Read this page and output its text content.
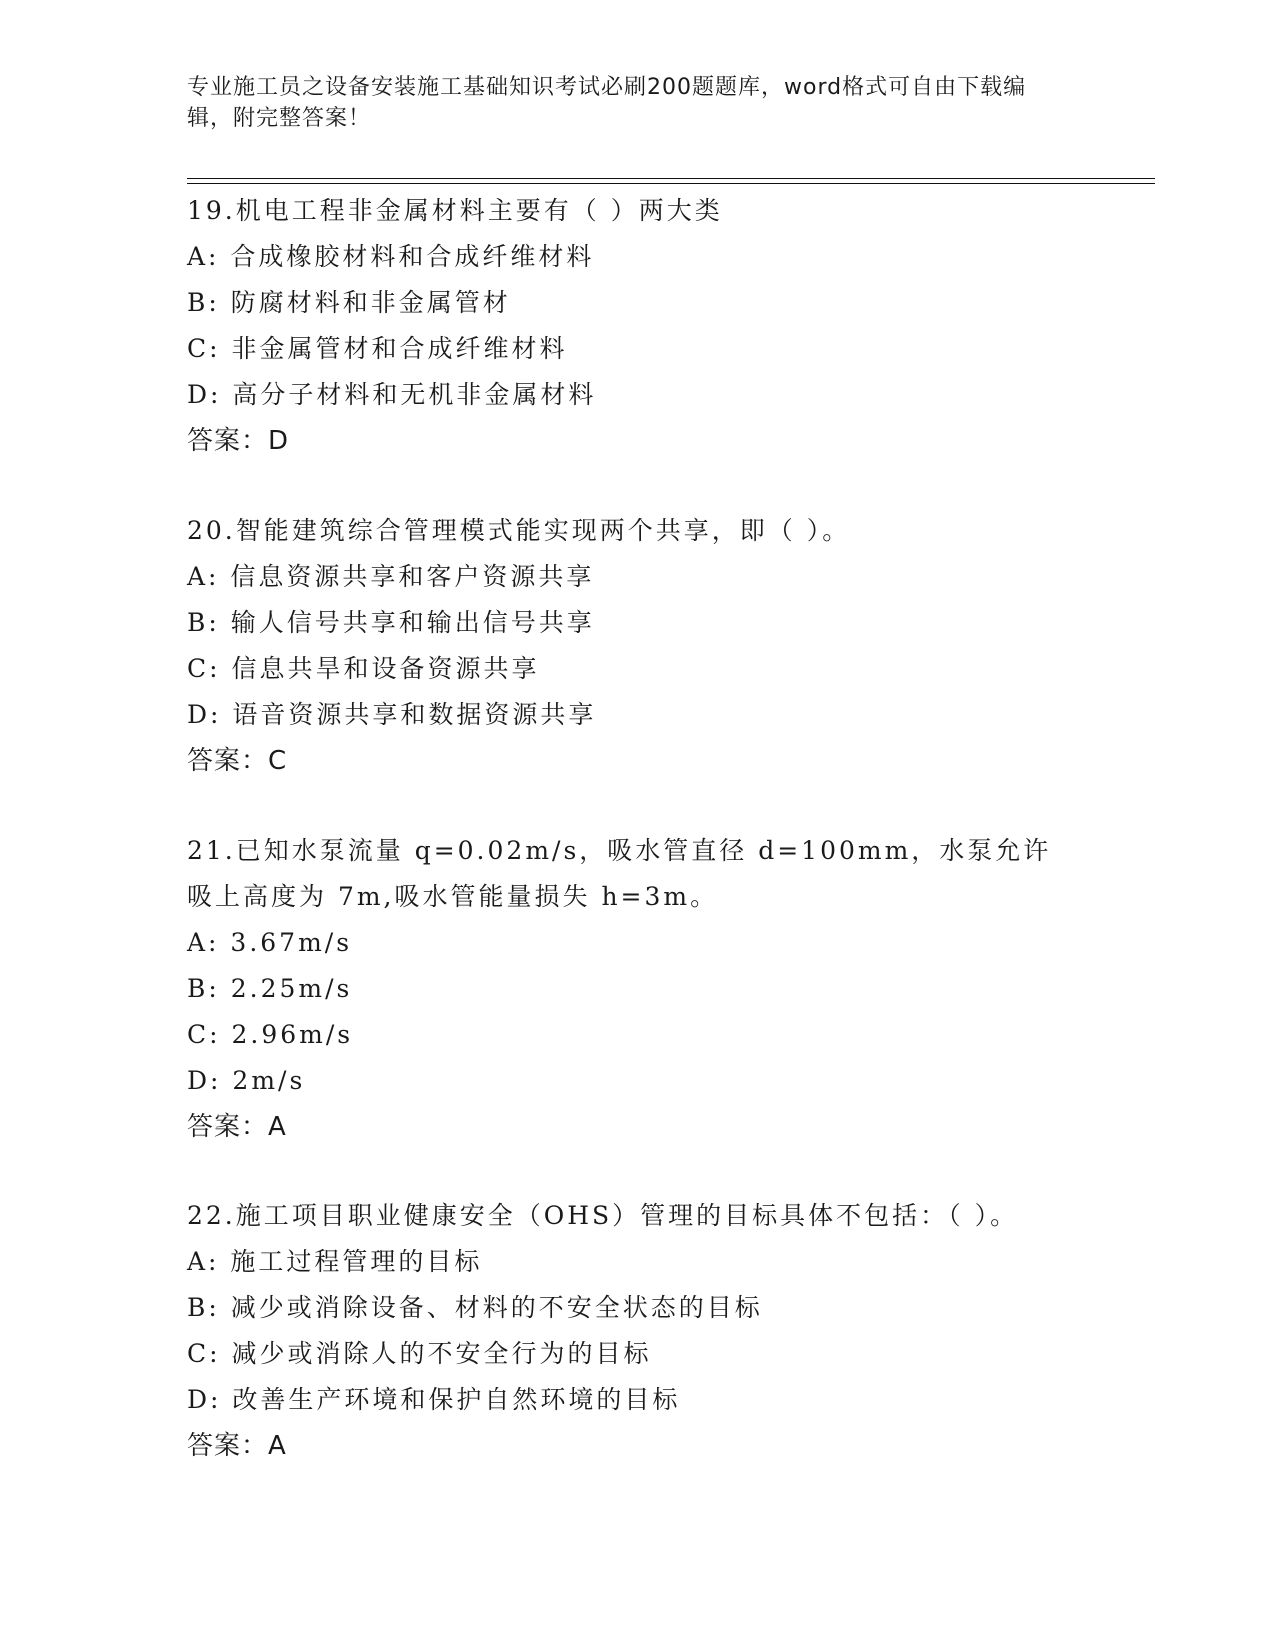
专业施工员之设备安装施工基础知识考试必刷200题题库，word格式可自由下载编辑，附完整答案！

19.机电工程非金属材料主要有（ ）两大类

A: 合成橡胶材料和合成纤维材料

B: 防腐材料和非金属管材

C: 非金属管材和合成纤维材料

D: 高分子材料和无机非金属材料

答案：D

20.智能建筑综合管理模式能实现两个共享，即（ ）。

A: 信息资源共享和客户资源共享

B: 输人信号共享和输出信号共享

C: 信息共旱和设备资源共享

D: 语音资源共享和数据资源共享

答案：C

21.已知水泵流量 q=0.02m/s，吸水管直径 d=100mm，水泵允许吸上高度为 7m,吸水管能量损失 h=3m。

A: 3.67m/s

B: 2.25m/s

C: 2.96m/s

D: 2m/s

答案：A

22.施工项目职业健康安全（OHS）管理的目标具体不包括：（ ）。

A: 施工过程管理的目标

B: 减少或消除设备、材料的不安全状态的目标

C: 减少或消除人的不安全行为的目标

D: 改善生产环境和保护自然环境的目标

答案：A
